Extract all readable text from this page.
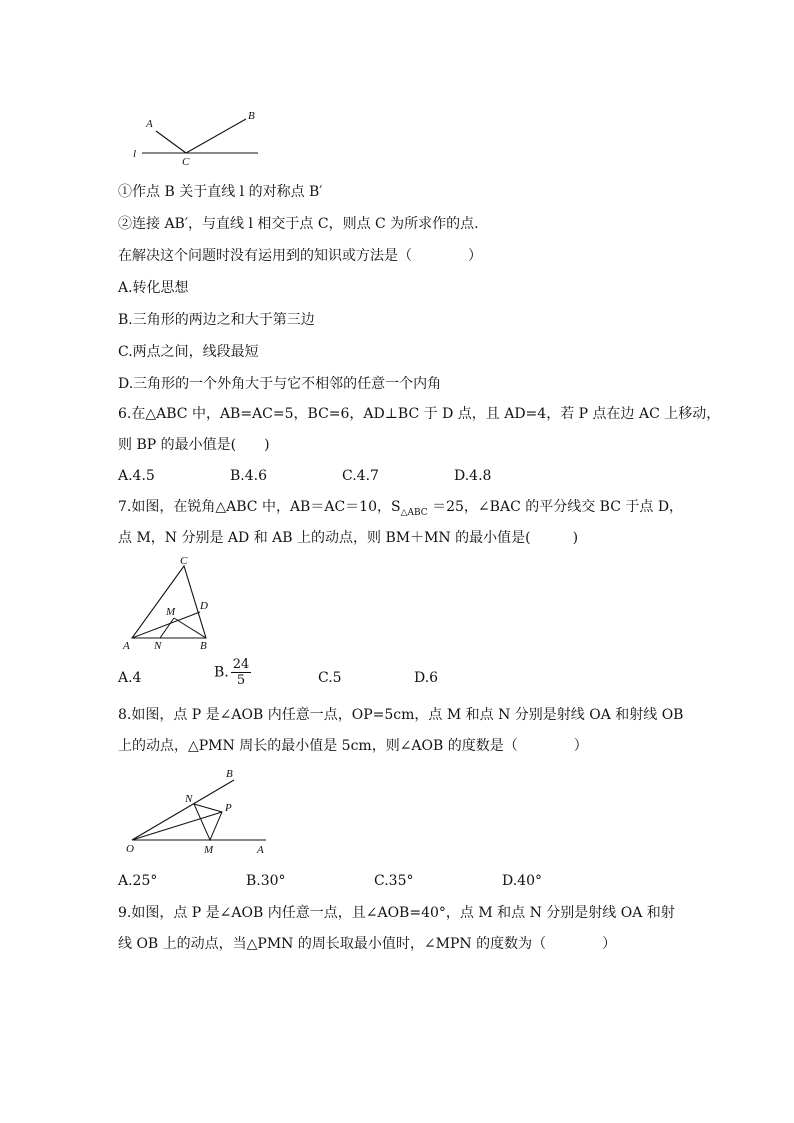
A
B
C
l
①作点 B 关于直线 l 的对称点 B′
②连接 AB′，与直线 l 相交于点 C，则点 C 为所求作的点.
在解决这个问题时没有运用到的知识或方法是（　　　　）
A.转化思想
B.三角形的两边之和大于第三边
C.两点之间，线段最短
D.三角形的一个外角大于与它不相邻的任意一个内角
6.在△ABC 中，AB=AC=5，BC=6，AD⊥BC 于 D 点，且 AD=4，若 P 点在边 AC 上移动，
则 BP 的最小值是(　　)
A.4.5	B.4.6	C.4.7	D.4.8
7.如图，在锐角△ABC 中，AB＝AC＝10，$S_{\triangle ABC} =25$，∠BAC 的平分线交 BC 于点 D，
点 M，N 分别是 AD 和 AB 上的动点，则 BM＋MN 的最小值是(　　　)
C
D
M
A N	B
A.4	B. $\frac{24}{5}$	C.5	D.6
8.如图，点 P 是∠AOB 内任意一点，OP=5cm，点 M 和点 N 分别是射线 OA 和射线 OB
上的动点，△PMN 周长的最小值是 5cm，则∠AOB 的度数是（　　　　）
B
N
P
O	M	A
A.25°	B.30°	C.35°	D.40°
9.如图，点 P 是∠AOB 内任意一点，且∠AOB=40°，点 M 和点 N 分别是射线 OA 和射
线 OB 上的动点，当△PMN 的周长取最小值时，∠MPN 的度数为（　　　　）
